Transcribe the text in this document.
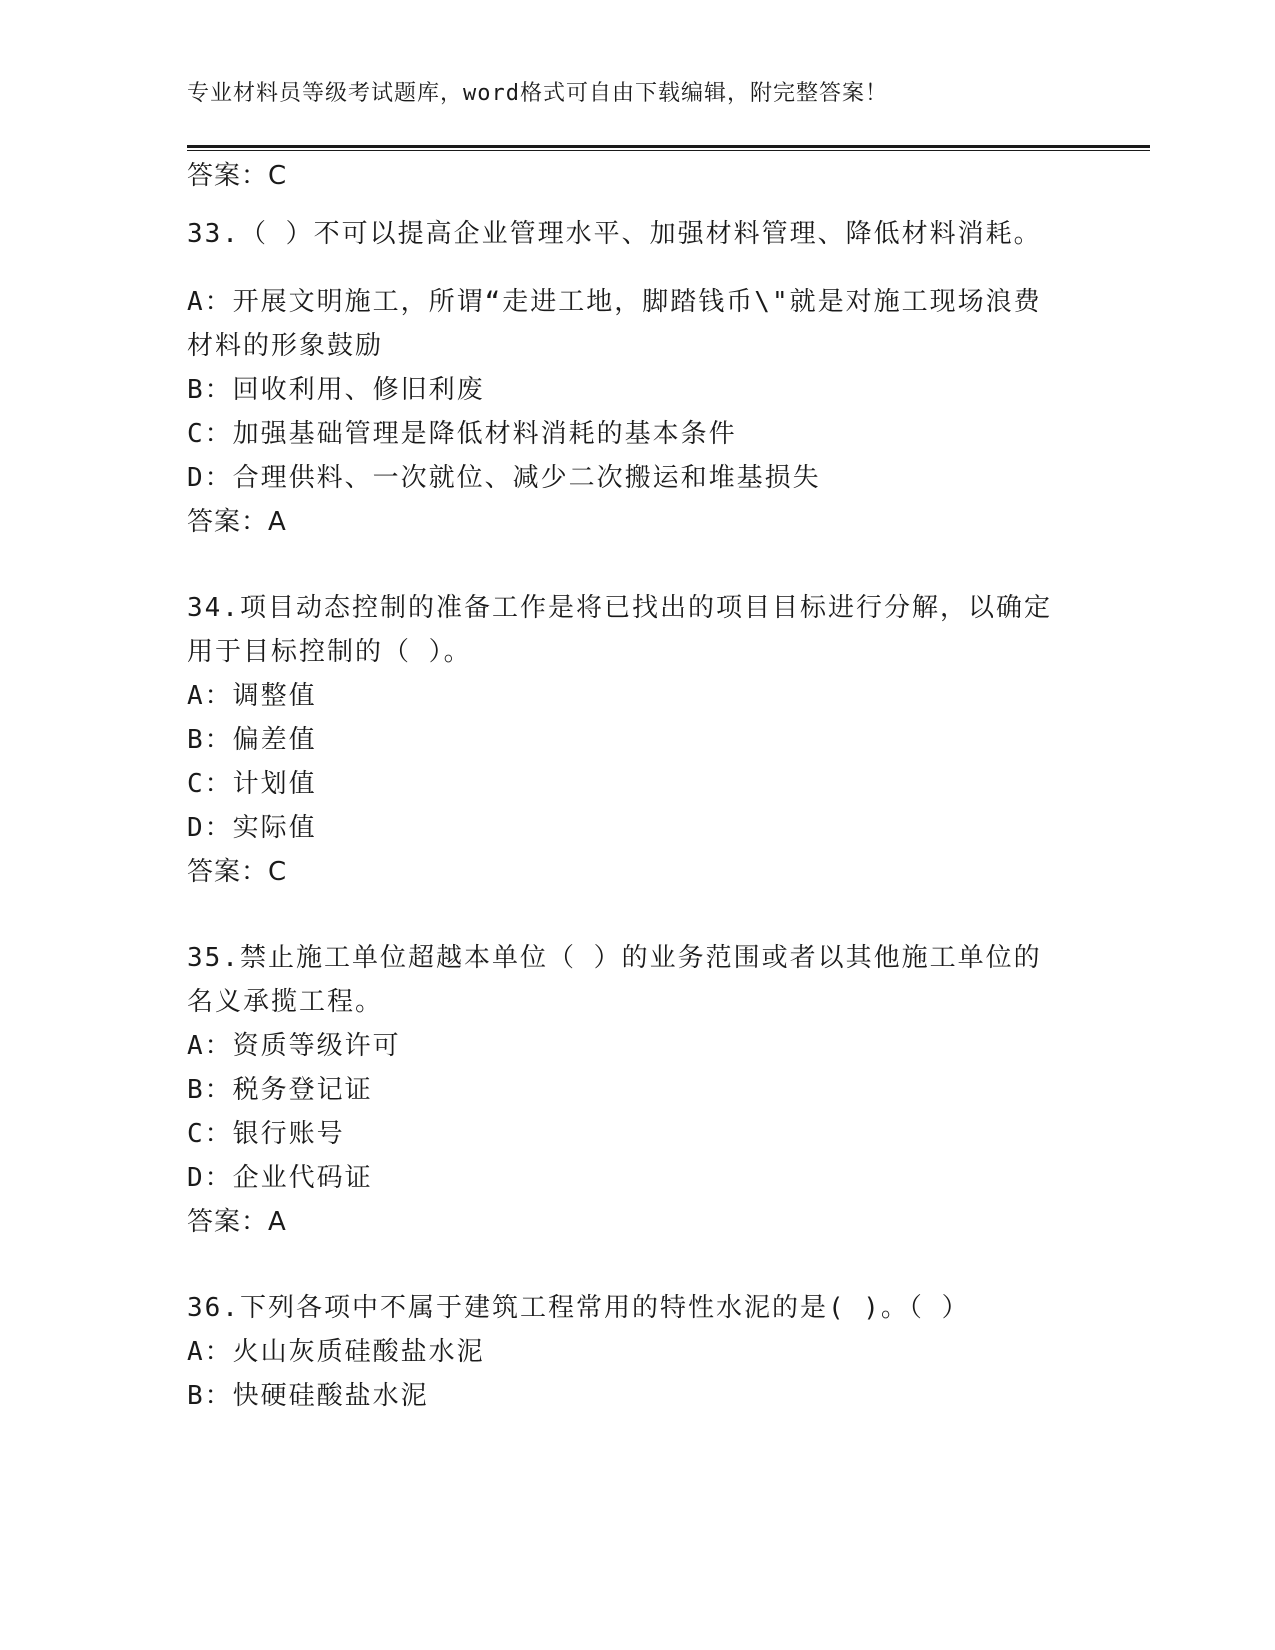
专业材料员等级考试题库，word格式可自由下载编辑，附完整答案！
答案：C
33.（ ）不可以提高企业管理水平、加强材料管理、降低材料消耗。
A：开展文明施工，所谓“走进工地，脚踏钱币\"就是对施工现场浪费
材料的形象鼓励
B：回收利用、修旧利废
C：加强基础管理是降低材料消耗的基本条件
D：合理供料、一次就位、减少二次搬运和堆基损失
答案：A
34.项目动态控制的准备工作是将已找出的项目目标进行分解，以确定
用于目标控制的（ ）。
A：调整值
B：偏差值
C：计划值
D：实际值
答案：C
35.禁止施工单位超越本单位（ ）的业务范围或者以其他施工单位的
名义承揽工程。
A：资质等级许可
B：税务登记证
C：银行账号
D：企业代码证
答案：A
36.下列各项中不属于建筑工程常用的特性水泥的是( )。（ ）
A：火山灰质硅酸盐水泥
B：快硬硅酸盐水泥
